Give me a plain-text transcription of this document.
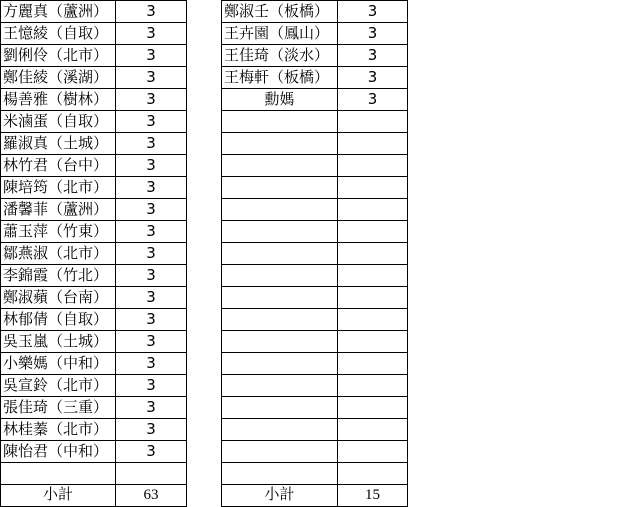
方麗真（蘆洲）	3		鄭淑壬（板橋）	3
王憶綾（自取）	3		王卉園（鳳山）	3
劉俐伶（北市）	3		王佳琦（淡水）	3
鄭佳綾（溪湖）	3		王梅軒（板橋）	3
楊善雅（樹林）	3		勳媽	3
米滷蛋（自取）	3			
羅淑真（土城）	3			
林竹君（台中）	3			
陳培筠（北市）	3			
潘馨菲（蘆洲）	3			
蕭玉萍（竹東）	3			
鄒燕淑（北市）	3			
李錦霞（竹北）	3			
鄭淑蘋（台南）	3			
林郁倩（自取）	3			
吳玉嵐（土城）	3			
小樂媽（中和）	3			
吳宣鈴（北市）	3			
張佳琦（三重）	3			
林桂蓁（北市）	3			
陳怡君（中和）	3			

小計	63		小計	15
